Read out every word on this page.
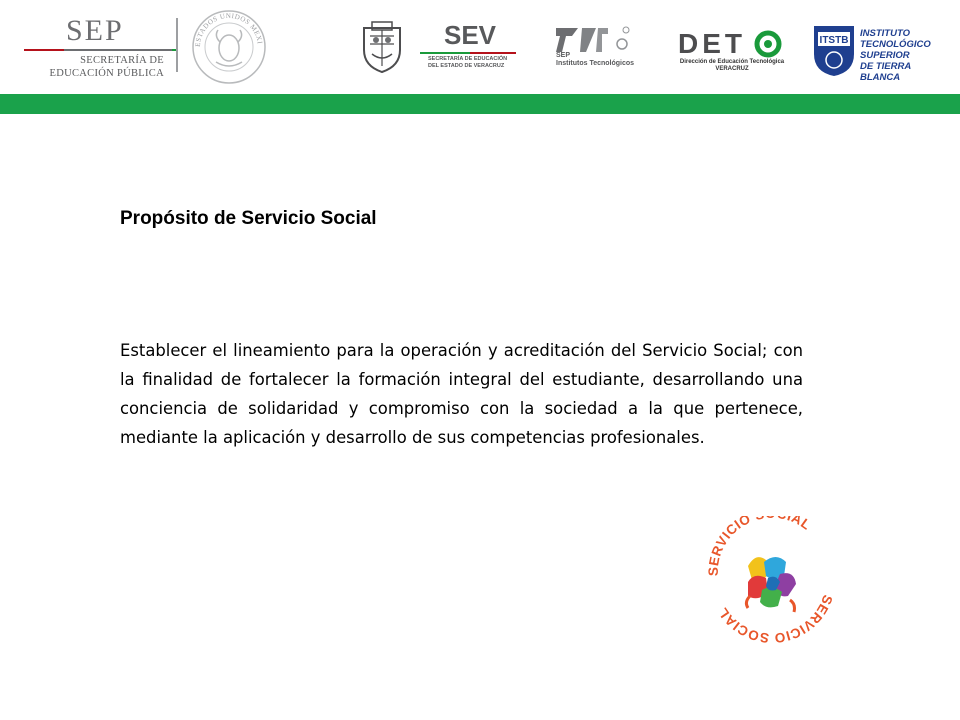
SEP
SECRETARÍA DE
EDUCACIÓN PÚBLICA
ESTADOS UNIDOS MEXI	SEV
SECRETARÍA DE EDUCACIÓN
DEL ESTADO DE VERACRUZ
SEP
Institutos Tecnológicos
DET
Dirección de Educación Tecnológica
VERACRUZ
ITSTB
INSTITUTO
TECNOLÓGICO SUPERIOR
DE TIERRA BLANCA
Propósito de Servicio Social

Establecer el lineamiento para la operación y acreditación del Servicio Social; con la finalidad de fortalecer la formación integral del estudiante, desarrollando una conciencia de solidaridad y compromiso con la sociedad a la que pertenece, mediante la aplicación y desarrollo de sus competencias profesionales.

SERVICIO IAL
SERVICIO SOCIAL
